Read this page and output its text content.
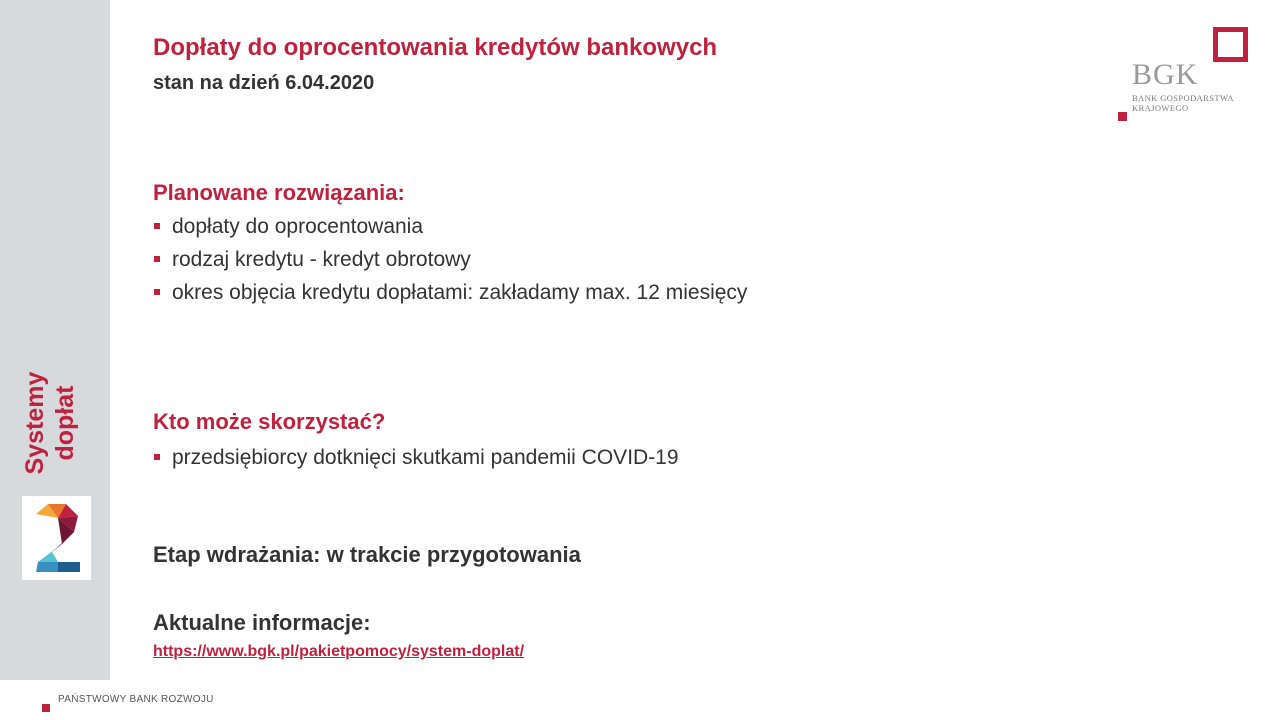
Systemy dopłat
Dopłaty do oprocentowania kredytów bankowych
stan na dzień 6.04.2020	BGK
BANK GOSPODARSTWA
KRAJOWEGO
Planowane rozwiązania:
dopłaty do oprocentowania
rodzaj kredytu - kredyt obrotowy
okres objęcia kredytu dopłatami: zakładamy max. 12 miesięcy
Kto może skorzystać?
przedsiębiorcy dotknięci skutkami pandemii COVID-19
Etap wdrażania: w trakcie przygotowania
Aktualne informacje:
https://www.bgk.pl/pakietpomocy/system-doplat/
PAŃSTWOWY BANK ROZWOJU
